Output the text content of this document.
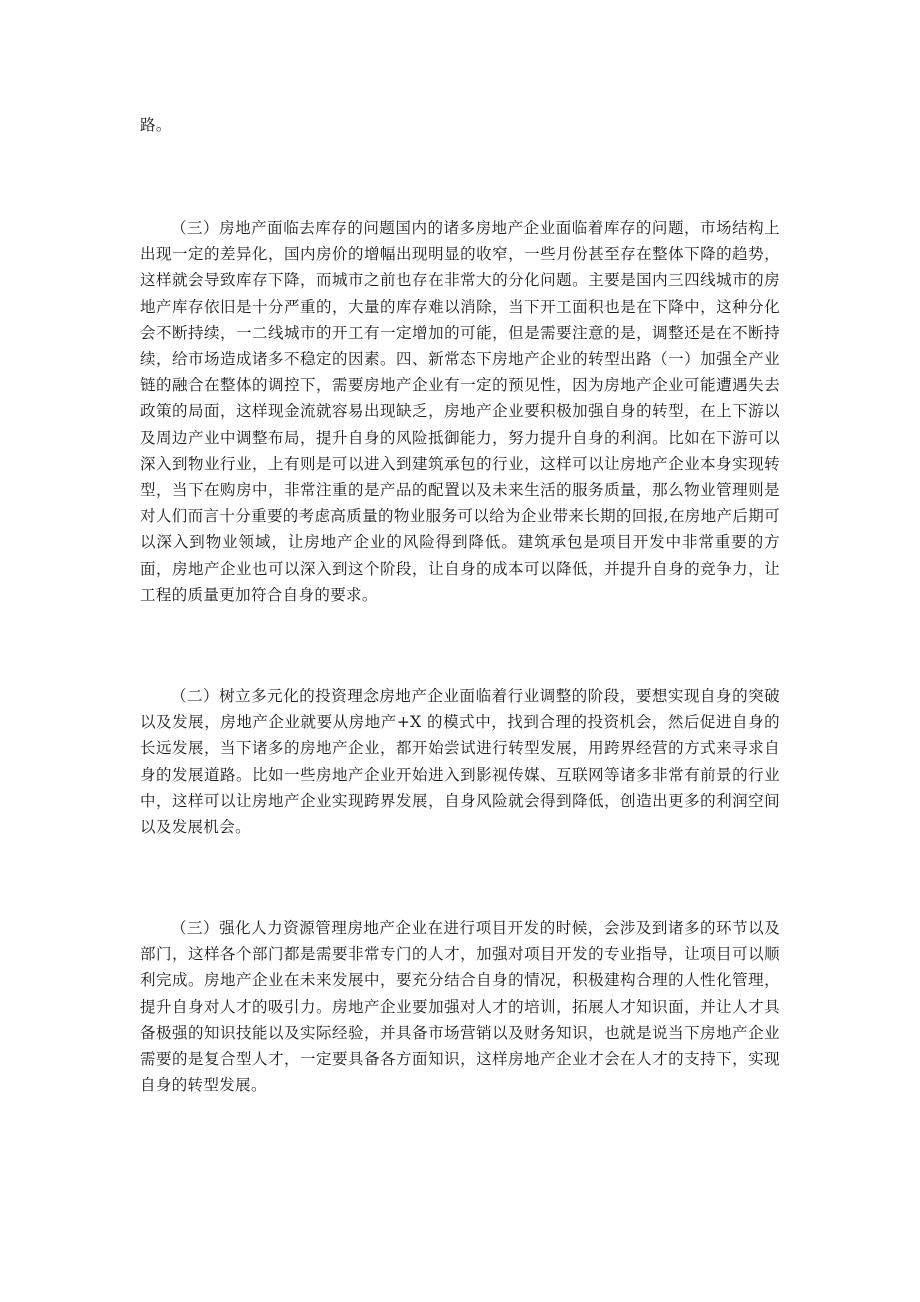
路。

（三）房地产面临去库存的问题国内的诸多房地产企业面临着库存的问题，市场结构上出现一定的差异化，国内房价的增幅出现明显的收窄，一些月份甚至存在整体下降的趋势，这样就会导致库存下降，而城市之前也存在非常大的分化问题。主要是国内三四线城市的房地产库存依旧是十分严重的，大量的库存难以消除，当下开工面积也是在下降中，这种分化会不断持续，一二线城市的开工有一定增加的可能，但是需要注意的是，调整还是在不断持续，给市场造成诸多不稳定的因素。四、新常态下房地产企业的转型出路（一）加强全产业链的融合在整体的调控下，需要房地产企业有一定的预见性，因为房地产企业可能遭遇失去政策的局面，这样现金流就容易出现缺乏，房地产企业要积极加强自身的转型，在上下游以及周边产业中调整布局，提升自身的风险抵御能力，努力提升自身的利润。比如在下游可以深入到物业行业，上有则是可以进入到建筑承包的行业，这样可以让房地产企业本身实现转型，当下在购房中，非常注重的是产品的配置以及未来生活的服务质量，那么物业管理则是对人们而言十分重要的考虑高质量的物业服务可以给为企业带来长期的回报,在房地产后期可以深入到物业领域，让房地产企业的风险得到降低。建筑承包是项目开发中非常重要的方面，房地产企业也可以深入到这个阶段，让自身的成本可以降低，并提升自身的竞争力，让工程的质量更加符合自身的要求。

（二）树立多元化的投资理念房地产企业面临着行业调整的阶段，要想实现自身的突破以及发展，房地产企业就要从房地产+X 的模式中，找到合理的投资机会，然后促进自身的长远发展，当下诸多的房地产企业，都开始尝试进行转型发展，用跨界经营的方式来寻求自身的发展道路。比如一些房地产企业开始进入到影视传媒、互联网等诸多非常有前景的行业中，这样可以让房地产企业实现跨界发展，自身风险就会得到降低，创造出更多的利润空间以及发展机会。

（三）强化人力资源管理房地产企业在进行项目开发的时候，会涉及到诸多的环节以及部门，这样各个部门都是需要非常专门的人才，加强对项目开发的专业指导，让项目可以顺利完成。房地产企业在未来发展中，要充分结合自身的情况，积极建构合理的人性化管理，提升自身对人才的吸引力。房地产企业要加强对人才的培训，拓展人才知识面，并让人才具备极强的知识技能以及实际经验，并具备市场营销以及财务知识，也就是说当下房地产企业需要的是复合型人才，一定要具备各方面知识，这样房地产企业才会在人才的支持下，实现自身的转型发展。
